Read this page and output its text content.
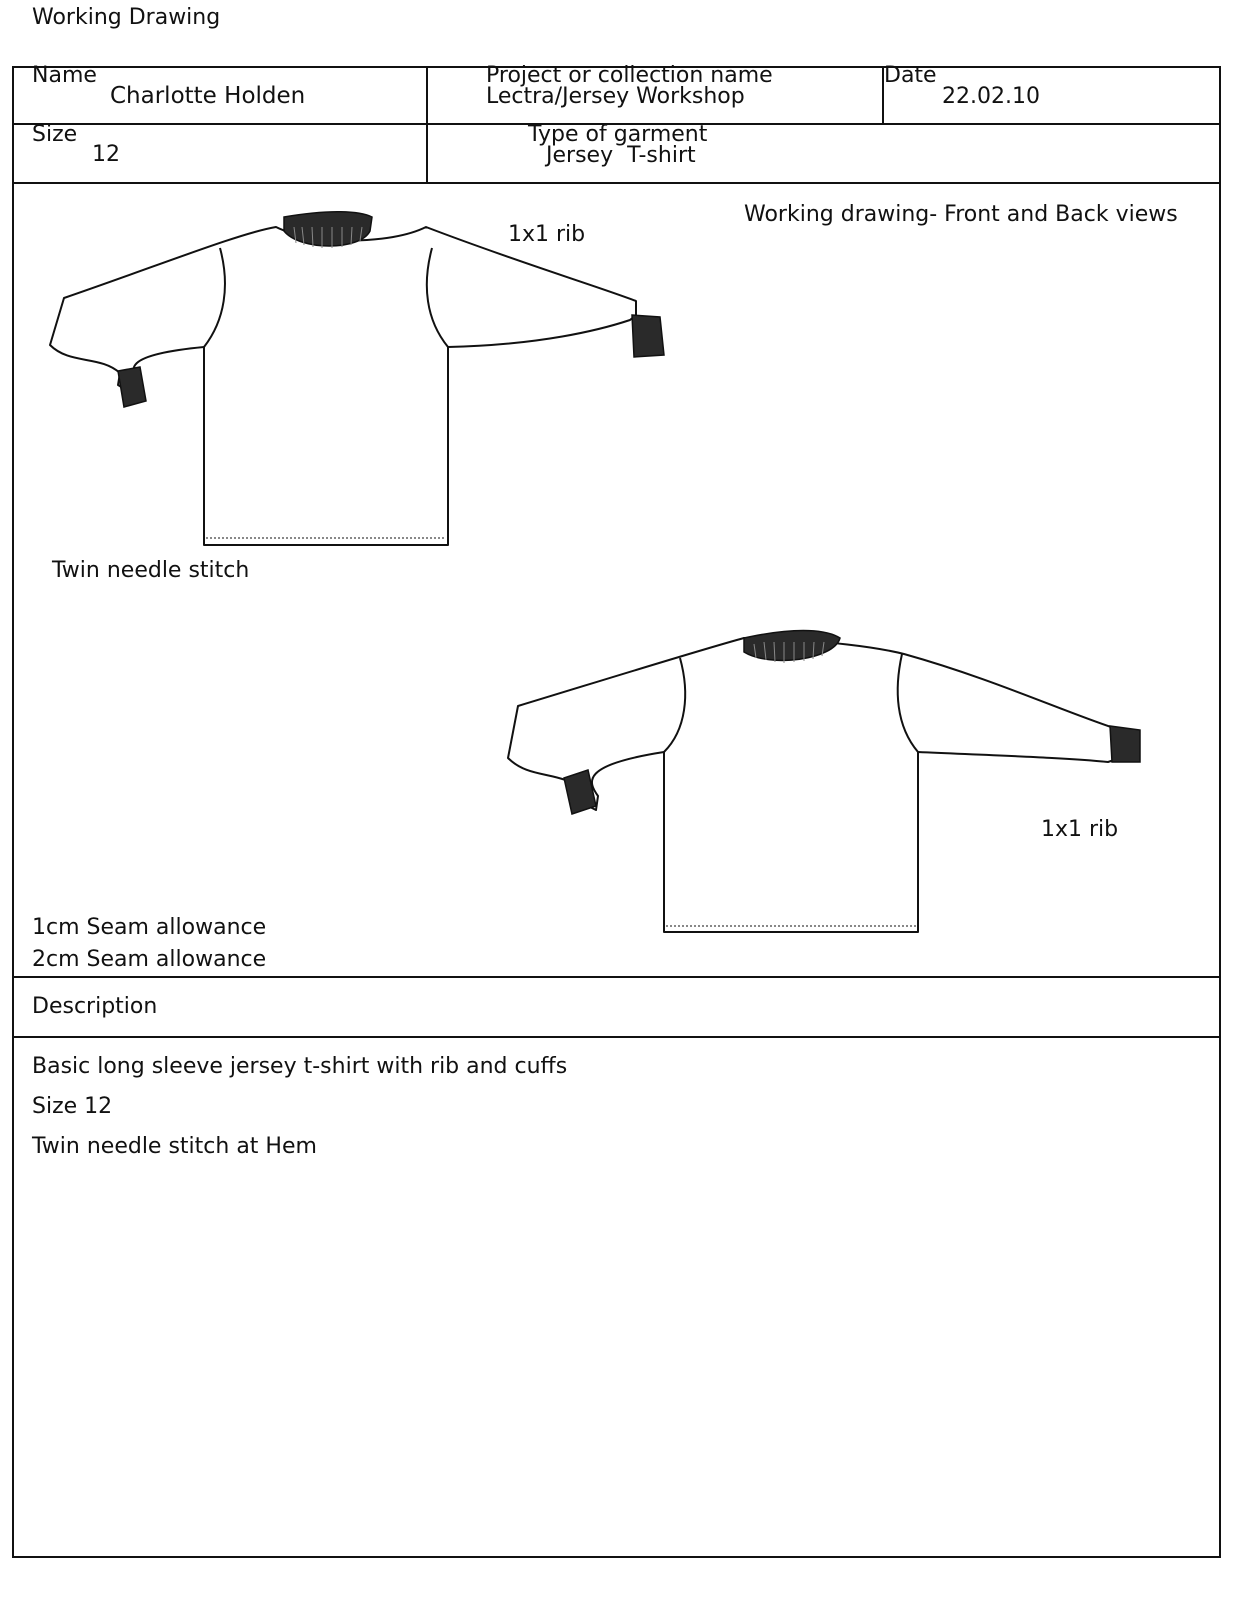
Working Drawing
Name
Charlotte Holden
Project or collection name
Lectra/Jersey Workshop
Date
22.02.10
Size
12
Type of garment
Jersey  T-shirt
Working drawing- Front and Back views
1x1 rib
Twin needle stitch
1x1 rib
1cm Seam allowance
2cm Seam allowance
Description
Basic long sleeve jersey t-shirt with rib and cuffs
Size 12
Twin needle stitch at Hem
